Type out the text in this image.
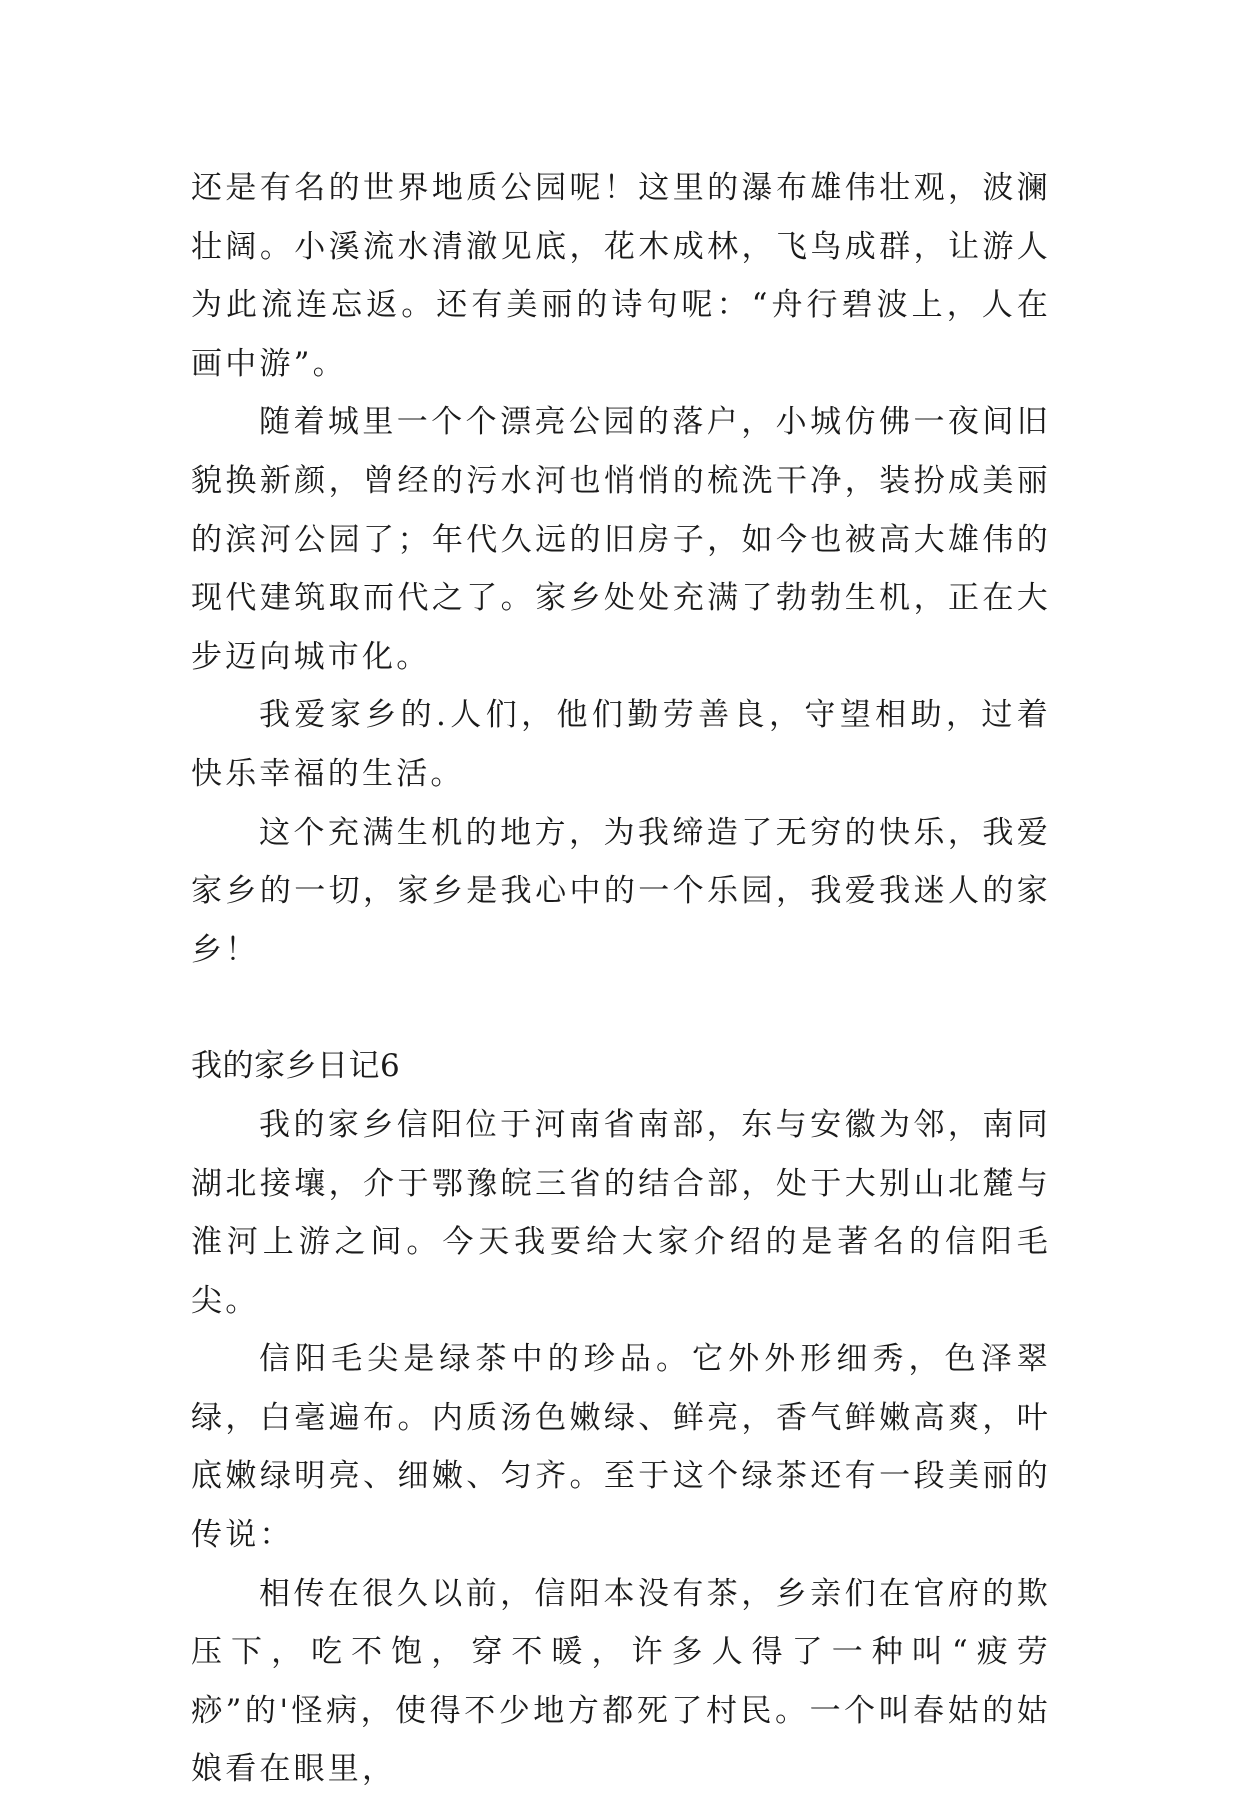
还是有名的世界地质公园呢！这里的瀑布雄伟壮观，波澜壮阔。小溪流水清澈见底，花木成林，飞鸟成群，让游人为此流连忘返。还有美丽的诗句呢：“舟行碧波上，人在画中游”。

随着城里一个个漂亮公园的落户，小城仿佛一夜间旧貌换新颜，曾经的污水河也悄悄的梳洗干净，装扮成美丽的滨河公园了；年代久远的旧房子，如今也被高大雄伟的现代建筑取而代之了。家乡处处充满了勃勃生机，正在大步迈向城市化。

我爱家乡的.人们，他们勤劳善良，守望相助，过着快乐幸福的生活。

这个充满生机的地方，为我缔造了无穷的快乐，我爱家乡的一切，家乡是我心中的一个乐园，我爱我迷人的家乡！

我的家乡日记6

我的家乡信阳位于河南省南部，东与安徽为邻，南同湖北接壤，介于鄂豫皖三省的结合部，处于大别山北麓与淮河上游之间。今天我要给大家介绍的是著名的信阳毛尖。

信阳毛尖是绿茶中的珍品。它外外形细秀，色泽翠绿，白毫遍布。内质汤色嫩绿、鲜亮，香气鲜嫩高爽，叶底嫩绿明亮、细嫩、匀齐。至于这个绿茶还有一段美丽的传说：

相传在很久以前，信阳本没有茶，乡亲们在官府的欺压下，吃不饱，穿不暖，许多人得了一种叫“疲劳痧”的'怪病，使得不少地方都死了村民。一个叫春姑的姑娘看在眼里，
